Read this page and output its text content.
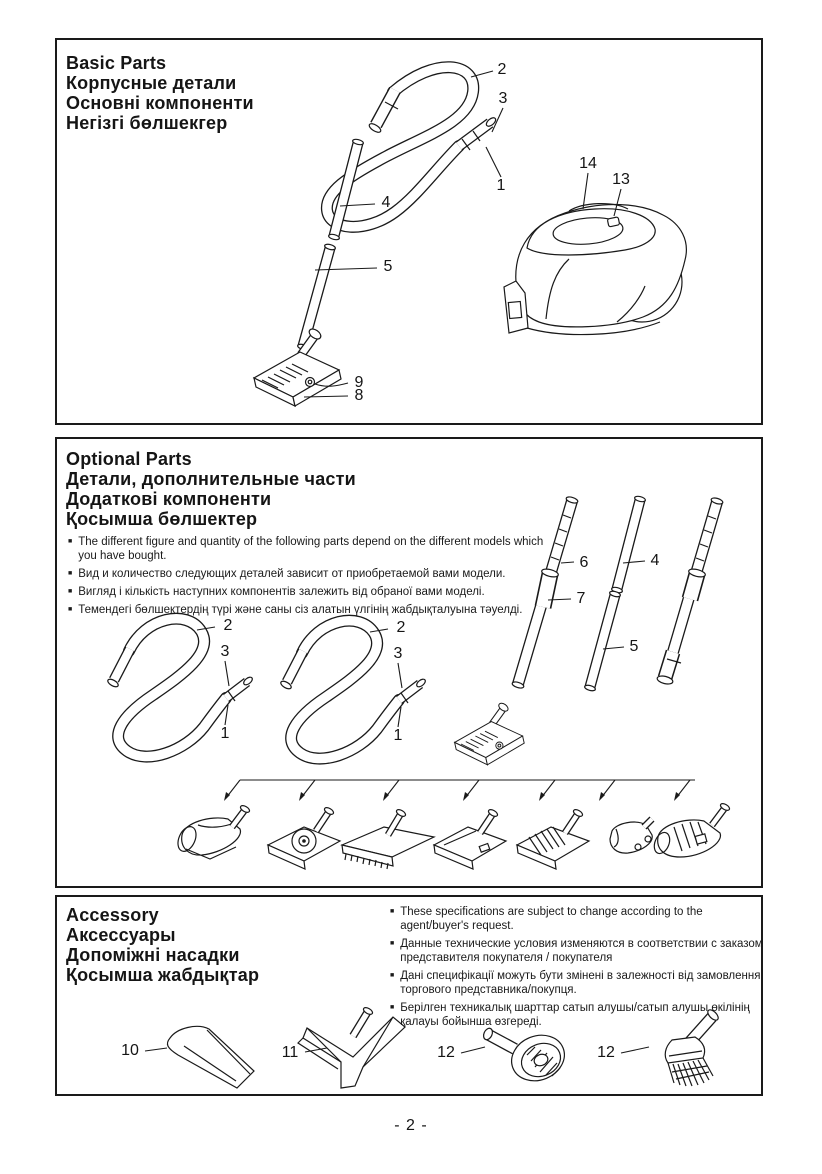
Basic Parts
Корпусные детали
Основні компоненти
Негізгі бөлшекгер
2
3
1
14
13
4
5
9
8
Optional Parts
Детали, дополнительные части
Додаткові компоненти
Қосымша бөлшектер
■ The different figure and quantity of the following parts depend on the different models which you have bought.
■ Вид и количество следующих деталей зависит от приобретаемой вами модели.
■ Вигляд і кількість наступних компонентів залежить від обраної вами моделі.
■ Темендегі бөлшектердің түрі және саны сіз алатын үлгінің жабдықталуына тәуелді.
2
3
1
2
3
1
6
7
4
5
Accessory
Аксессуары
Допоміжні насадки
Қосымша жабдықтар
■ These specifications are subject to change according to the agent/buyer's request.
■ Данные технические условия изменяются в соответствии с заказом представителя покупателя / покупателя
■ Дані специфікації можуть бути змінені в залежності від замовлення торгового представника/покупця.
■ Берілген техникалық шарттар сатып алушы/сатып алушы өкілінің қалауы бойынша өзгереді.
10	11	12	12
- 2 -
